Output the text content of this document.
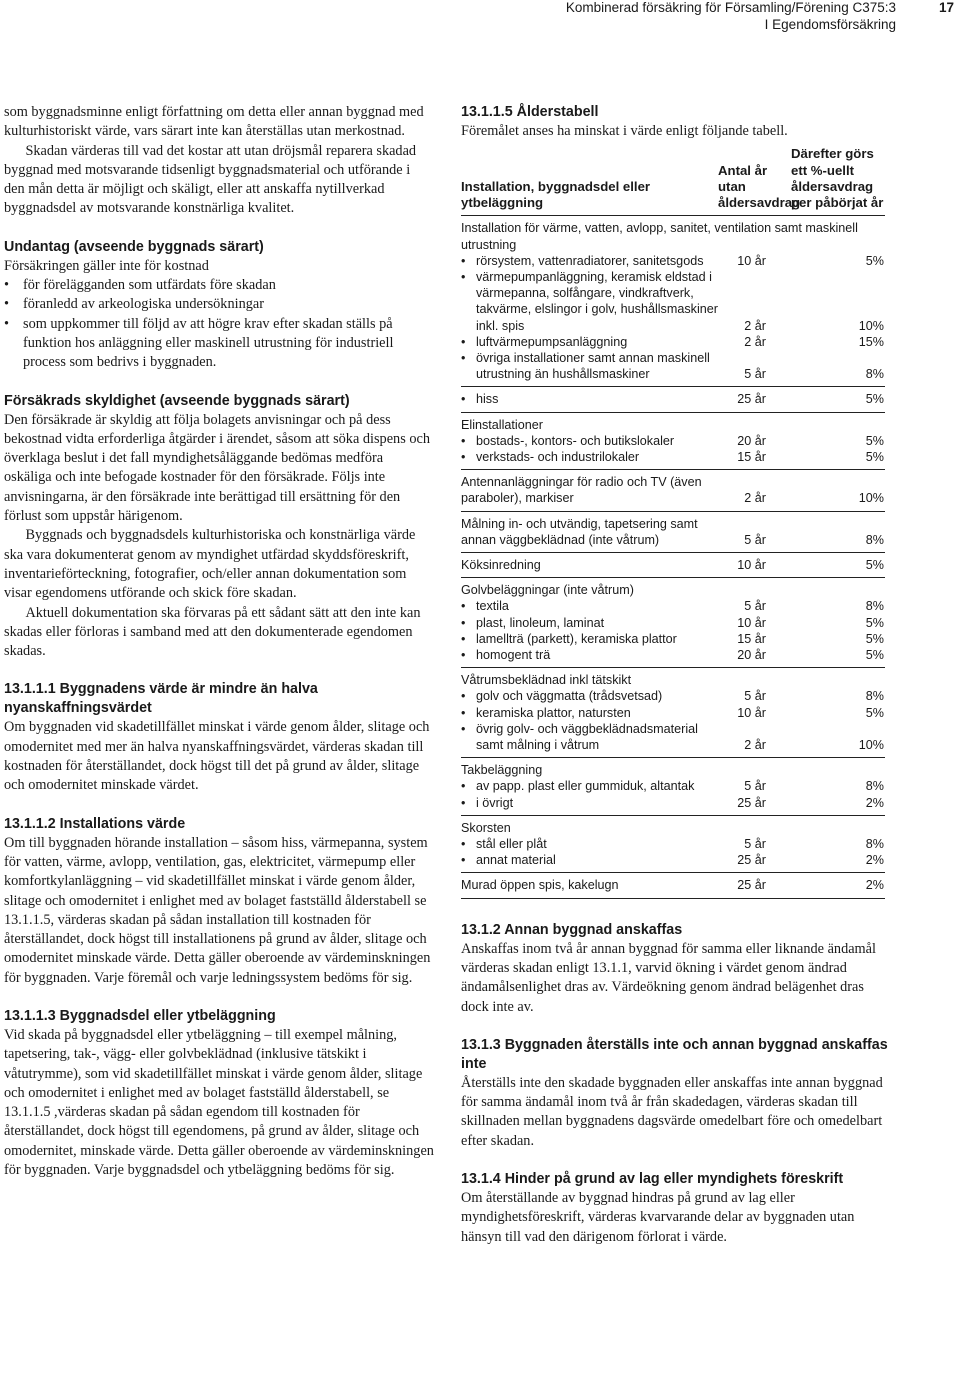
Kombinerad försäkring för Församling/Förening C375:3
I Egendomsförsäkring
17

som byggnadsminne enligt författning om detta eller annan byggnad med kulturhistoriskt värde, vars särart inte kan återställas utan merkostnad.

Skadan värderas till vad det kostar att utan dröjsmål reparera skadad byggnad med motsvarande tidsenligt byggnadsmaterial och utförande i den mån detta är möjligt och skäligt, eller att anskaffa nytillverkad byggnadsdel av motsvarande konstnärliga kvalitet.

Undantag (avseende byggnads särart)

Försäkringen gäller inte för kostnad

• för förelägganden som utfärdats före skadan
• föranledd av arkeologiska undersökningar
• som uppkommer till följd av att högre krav efter skadan ställs på funktion hos anläggning eller maskinell utrustning för industriell process som bedrivs i byggnaden.

Försäkrads skyldighet (avseende byggnads särart)

Den försäkrade är skyldig att följa bolagets anvisningar och på dess bekostnad vidta erforderliga åtgärder i ärendet, såsom att söka dispens och överklaga beslut i det fall myndighetsåläggande bedömas medföra oskäliga och inte befogade kostnader för den försäkrade. Följs inte anvisningarna, är den försäkrade inte berättigad till ersättning för den förlust som uppstår härigenom.

Byggnads och byggnadsdels kulturhistoriska och konstnärliga värde ska vara dokumenterat genom av myndighet utfärdad skyddsföreskrift, inventarieförteckning, fotografier, och/eller annan dokumentation som visar egendomens utförande och skick före skadan.

Aktuell dokumentation ska förvaras på ett sådant sätt att den inte kan skadas eller förloras i samband med att den dokumenterade egendomen skadas.

13.1.1.1 Byggnadens värde är mindre än halva nyanskaffningsvärdet

Om byggnaden vid skadetillfället minskat i värde genom ålder, slitage och omodernitet med mer än halva nyanskaffningsvärdet, värderas skadan till kostnaden för återställandet, dock högst till det på grund av ålder, slitage och omodernitet minskade värdet.

13.1.1.2 Installations värde

Om till byggnaden hörande installation – såsom hiss, värmepanna, system för vatten, värme, avlopp, ventilation, gas, elektricitet, värmepump eller komfortkylanläggning – vid skadetillfället minskat i värde genom ålder, slitage och omodernitet i enlighet med av bolaget fastställd ålderstabell se 13.1.1.5, värderas skadan på sådan installation till kostnaden för återställandet, dock högst till installationens på grund av ålder, slitage och omodernitet minskade värde. Detta gäller oberoende av värdeminskningen för byggnaden. Varje föremål och varje ledningssystem bedöms för sig.

13.1.1.3 Byggnadsdel eller ytbeläggning

Vid skada på byggnadsdel eller ytbeläggning – till exempel målning, tapetsering, tak-, vägg- eller golvbeklädnad (inklusive tätskikt i våtutrymme), som vid skadetillfället minskat i värde genom ålder, slitage och omodernitet i enlighet med av bolaget fastställd ålderstabell, se 13.1.1.5 ,värderas skadan på sådan egendom till kostnaden för återställandet, dock högst till egendomens, på grund av ålder, slitage och omodernitet, minskade värde. Detta gäller oberoende av värdeminskningen för byggnaden. Varje byggnadsdel och ytbeläggning bedöms för sig.

13.1.1.5 Ålderstabell

Föremålet anses ha minskat i värde enligt följande tabell.

Installation, byggnadsdel eller ytbeläggning
Antal år utan åldersavdrag
Därefter görs ett %-uellt åldersavdrag per påbörjat år
Installation för värme, vatten, avlopp, sanitet, ventilation samt maskinell utrustning
• rörsystem, vattenradiatorer, sanitetsgods	10 år	5%
• värmepumpanläggning, keramisk eldstad i värmepanna, solfångare, vindkraftverk, takvärme, elslingor i golv, hushållsmaskiner inkl. spis	2 år	10%
• luftvärmepumpsanläggning	2 år	15%
• övriga installationer samt annan maskinell utrustning än hushållsmaskiner	5 år	8%
• hiss	25 år	5%
Elinstallationer
• bostads-, kontors- och butikslokaler	20 år	5%
• verkstads- och industrilokaler	15 år	5%
Antennanläggningar för radio och TV (även paraboler), markiser	2 år	10%
Målning in- och utvändig, tapetsering samt annan väggbeklädnad (inte våtrum)	5 år	8%
Köksinredning	10 år	5%
Golvbeläggningar (inte våtrum)
• textila	5 år	8%
• plast, linoleum, laminat	10 år	5%
• lamellträ (parkett), keramiska plattor	15 år	5%
• homogent trä	20 år	5%
Våtrumsbeklädnad inkl tätskikt
• golv och väggmatta (trådsvetsad)	5 år	8%
• keramiska plattor, natursten	10 år	5%
• övrig golv- och väggbeklädnadsmaterial samt målning i våtrum	2 år	10%
Takbeläggning
• av papp. plast eller gummiduk, altantak	5 år	8%
• i övrigt	25 år	2%
Skorsten
• stål eller plåt	5 år	8%
• annat material	25 år	2%
Murad öppen spis, kakelugn	25 år	2%

13.1.2 Annan byggnad anskaffas

Anskaffas inom två år annan byggnad för samma eller liknande ändamål värderas skadan enligt 13.1.1, varvid ökning i värdet genom ändrad ändamålsenlighet dras av. Värdeökning genom ändrad belägenhet dras dock inte av.

13.1.3 Byggnaden återställs inte och annan byggnad anskaffas inte

Återställs inte den skadade byggnaden eller anskaffas inte annan byggnad för samma ändamål inom två år från skadedagen, värderas skadan till skillnaden mellan byggnadens dagsvärde omedelbart före och omedelbart efter skadan.

13.1.4 Hinder på grund av lag eller myndighets föreskrift

Om återställande av byggnad hindras på grund av lag eller myndighetsföreskrift, värderas kvarvarande delar av byggnaden utan hänsyn till vad den därigenom förlorat i värde.
